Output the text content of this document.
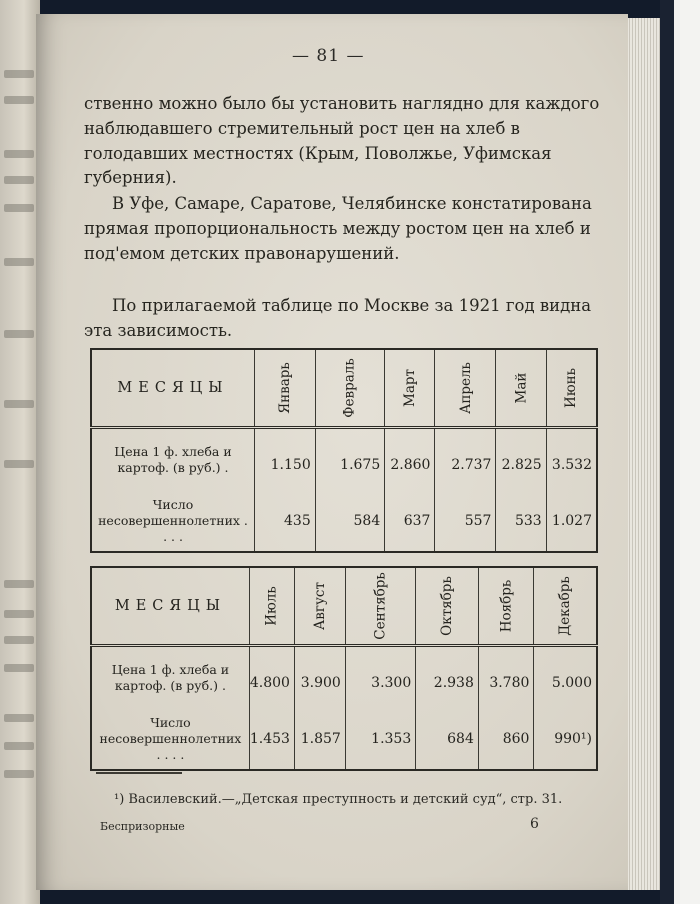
— 81 —

ственно можно было бы установить наглядно для каждого наблюдавшего стремительный рост цен на хлеб в голодавших местностях (Крым, Поволжье, Уфимская губерния).

В Уфе, Самаре, Саратове, Челябинске констатирована прямая пропорциональность между ростом цен на хлеб и под'емом детских правонарушений.

По прилагаемой таблице по Москве за 1921 год видна эта зависимость.

МЕСЯЦЫ	Январь	Февраль	Март	Апрель	Май	Июнь
Цена 1 ф. хлеба и картоф. (в руб.) .	1.150	1.675	2.860	2.737	2.825	3.532
Число несовершеннолетних . . . .	435	584	637	557	533	1.027
МЕСЯЦЫ	Июль	Август	Сентябрь	Октябрь	Ноябрь	Декабрь
Цена 1 ф. хлеба и картоф. (в руб.) .	4.800	3.900	3.300	2.938	3.780	5.000
Число несовершеннолетних . . . .	1.453	1.857	1.353	684	860	990¹)
¹) Василевский.—„Детская преступность и детский суд“, стр. 31.
Беспризорные	6
